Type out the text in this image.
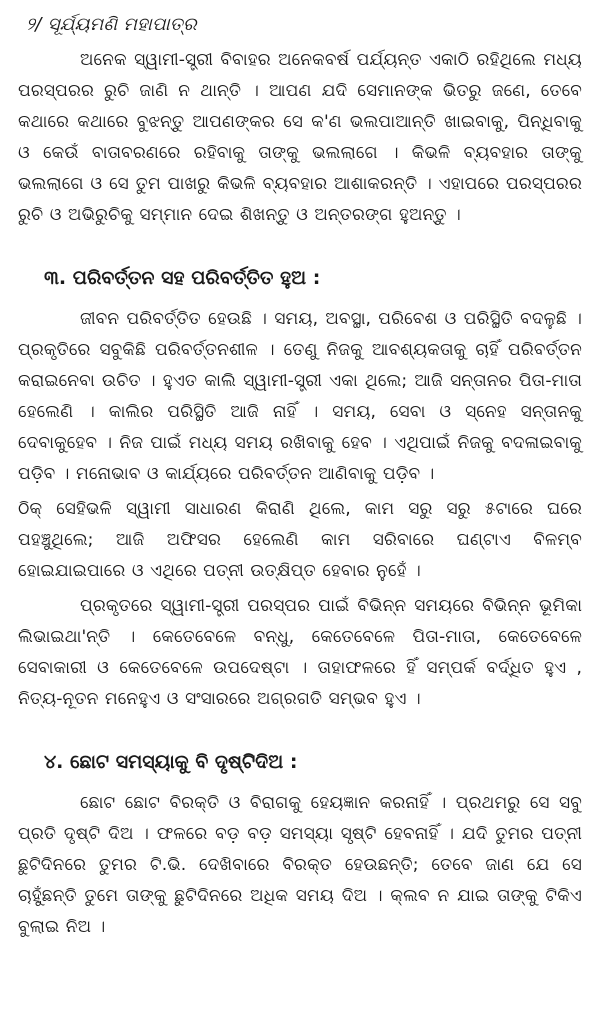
୨/ ସୂର୍ଯ୍ୟମଣି ମହାପାତ୍ର

ଅନେକ ସ୍ୱାମୀ-ସ୍ତ୍ରୀ ବିବାହର ଅନେକବର୍ଷ ପର୍ଯ୍ୟନ୍ତ ଏକାଠି ରହିଥିଲେ ମଧ୍ୟ ପରସ୍ପରର ରୁଚି ଜାଣି ନ ଥାନ୍ତି । ଆପଣ ଯଦି ସେମାନଙ୍କ ଭିତରୁ ଜଣେ, ତେବେ କଥାରେ କଥାରେ ବୁଝନ୍ତୁ ଆପଣଙ୍କର ସେ କ'ଣ ଭଲପାଆନ୍ତି ଖାଇବାକୁ, ପିନ୍ଧିବାକୁ ଓ କେଉଁ ବାତାବରଣରେ ରହିବାକୁ ତାଙ୍କୁ ଭଲଲାଗେ । କିଭଳି ବ୍ୟବହାର ତାଙ୍କୁ ଭଲଲାଗେ ଓ ସେ ତୁମ ପାଖରୁ କିଭଳି ବ୍ୟବହାର ଆଶାକରନ୍ତି । ଏହାପରେ ପରସ୍ପରର ରୁଚି ଓ ଅଭିରୁଚିକୁ ସମ୍ମାନ ଦେଇ ଶିଖନ୍ତୁ ଓ ଅନ୍ତରଙ୍ଗ ହୁଅନ୍ତୁ ।

୩. ପରିବର୍ତ୍ତନ ସହ ପରିବର୍ତ୍ତିତ ହୁଅ :

ଜୀବନ ପରିବର୍ତ୍ତିତ ହେଉଛି । ସମୟ, ଅବସ୍ଥା, ପରିବେଶ ଓ ପରିସ୍ଥିତି ବଦଳୁଛି । ପ୍ରକୃତିରେ ସବୁକିଛି ପରିବର୍ତ୍ତନଶୀଳ । ତେଣୁ ନିଜକୁ ଆବଶ୍ୟକତାକୁ ଚାହିଁ ପରିବର୍ତ୍ତନ କରାଇନେବା ଉଚିତ । ହୁଏତ କାଲି ସ୍ୱାମୀ-ସ୍ତ୍ରୀ ଏକା ଥିଲେ; ଆଜି ସନ୍ତାନର ପିତା-ମାତା ହେଲେଣି । କାଲିର ପରିସ୍ଥିତି ଆଜି ନାହିଁ । ସମୟ, ସେବା ଓ ସ୍ନେହ ସନ୍ତାନକୁ ଦେବାକୁହେବ । ନିଜ ପାଇଁ ମଧ୍ୟ ସମୟ ରଖିବାକୁ ହେବ । ଏଥିପାଇଁ ନିଜକୁ ବଦଳାଇବାକୁ ପଡ଼ିବ । ମନୋଭାବ ଓ କାର୍ଯ୍ୟରେ ପରିବର୍ତ୍ତନ ଆଣିବାକୁ ପଡ଼ିବ ।

ଠିକ୍ ସେହିଭଳି ସ୍ୱାମୀ ସାଧାରଣ କିରାଣି ଥିଲେ, କାମ ସରୁ ସରୁ ୫ଟାରେ ଘରେ ପହଞ୍ଚୁଥିଲେ; ଆଜି ଅଫିସର ହେଲେଣି କାମ ସରିବାରେ ଘଣ୍ଟାଏ ବିଳମ୍ବ ହୋଇଯାଇପାରେ ଓ ଏଥିରେ ପତ୍ନୀ ଉତ୍କ୍ଷିପ୍ତ ହେବାର ନୁହେଁ ।

ପ୍ରକୃତରେ ସ୍ୱାମୀ-ସ୍ତ୍ରୀ ପରସ୍ପର ପାଇଁ ବିଭିନ୍ନ ସମୟରେ ବିଭିନ୍ନ ଭୂମିକା ଲିଭାଇଥା'ନ୍ତି । କେତେବେଳେ ବନ୍ଧୁ, କେତେବେଳେ ପିତା-ମାତା, କେତେବେଳେ ସେବାକାରୀ ଓ କେତେବେଳେ ଉପଦେଷ୍ଟା । ତାହାଫଳରେ ହିଁ ସମ୍ପର୍କ ବର୍ଦ୍ଧିତ ହୁଏ , ନିତ୍ୟ-ନୂତନ ମନେହୁଏ ଓ ସଂସାରରେ ଅଗ୍ରଗତି ସମ୍ଭବ ହୁଏ ।

୪. ଛୋଟ ସମସ୍ୟାକୁ ବି ଦୃଷ୍ଟିଦିଅ :

ଛୋଟ ଛୋଟ ବିରକ୍ତି ଓ ବିରାଗକୁ ହେୟଜ୍ଞାନ କରନାହିଁ । ପ୍ରଥମରୁ ସେ ସବୁ ପ୍ରତି ଦୃଷ୍ଟି ଦିଅ । ଫଳରେ ବଡ଼ ବଡ଼ ସମସ୍ୟା ସୃଷ୍ଟି ହେବନାହିଁ । ଯଦି ତୁମର ପତ୍ନୀ ଛୁଟିଦିନରେ ତୁମର ଟି.ଭି. ଦେଖିବାରେ ବିରକ୍ତ ହେଉଛନ୍ତି; ତେବେ ଜାଣ ଯେ ସେ ଚାହୁଁଛନ୍ତି ତୁମେ ତାଙ୍କୁ ଛୁଟିଦିନରେ ଅଧିକ ସମୟ ଦିଅ । କ୍ଲବ ନ ଯାଇ ତାଙ୍କୁ ଟିକିଏ ବୁଲାଇ ନିଅ ।
